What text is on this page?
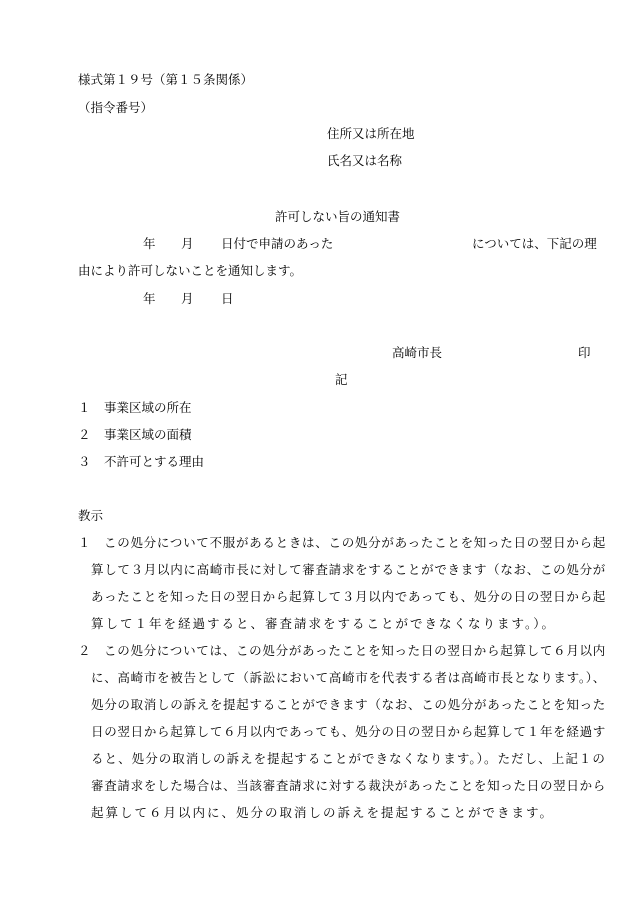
様式第１９号（第１５条関係）
（指令番号）
住所又は所在地
氏名又は名称
許可しない旨の通知書
年 月 日付で申請のあった	については、下記の理
由により許可しないことを通知します。
年 月 日
高崎市長	印
記
１ 事業区域の所在
２ 事業区域の面積
３ 不許可とする理由
教示
１ この処分について不服があるときは、この処分があったことを知った日の翌日から起
算して３月以内に高崎市長に対して審査請求をすることができます（なお、この処分が
あったことを知った日の翌日から起算して３月以内であっても、処分の日の翌日から起
算して１年を経過すると、審査請求をすることができなくなります。）。
２ この処分については、この処分があったことを知った日の翌日から起算して６月以内
に、高崎市を被告として（訴訟において高崎市を代表する者は高崎市長となります。）、
処分の取消しの訴えを提起することができます（なお、この処分があったことを知った
日の翌日から起算して６月以内であっても、処分の日の翌日から起算して１年を経過す
ると、処分の取消しの訴えを提起することができなくなります。）。ただし、上記１の
審査請求をした場合は、当該審査請求に対する裁決があったことを知った日の翌日から
起算して６月以内に、処分の取消しの訴えを提起することができます。
